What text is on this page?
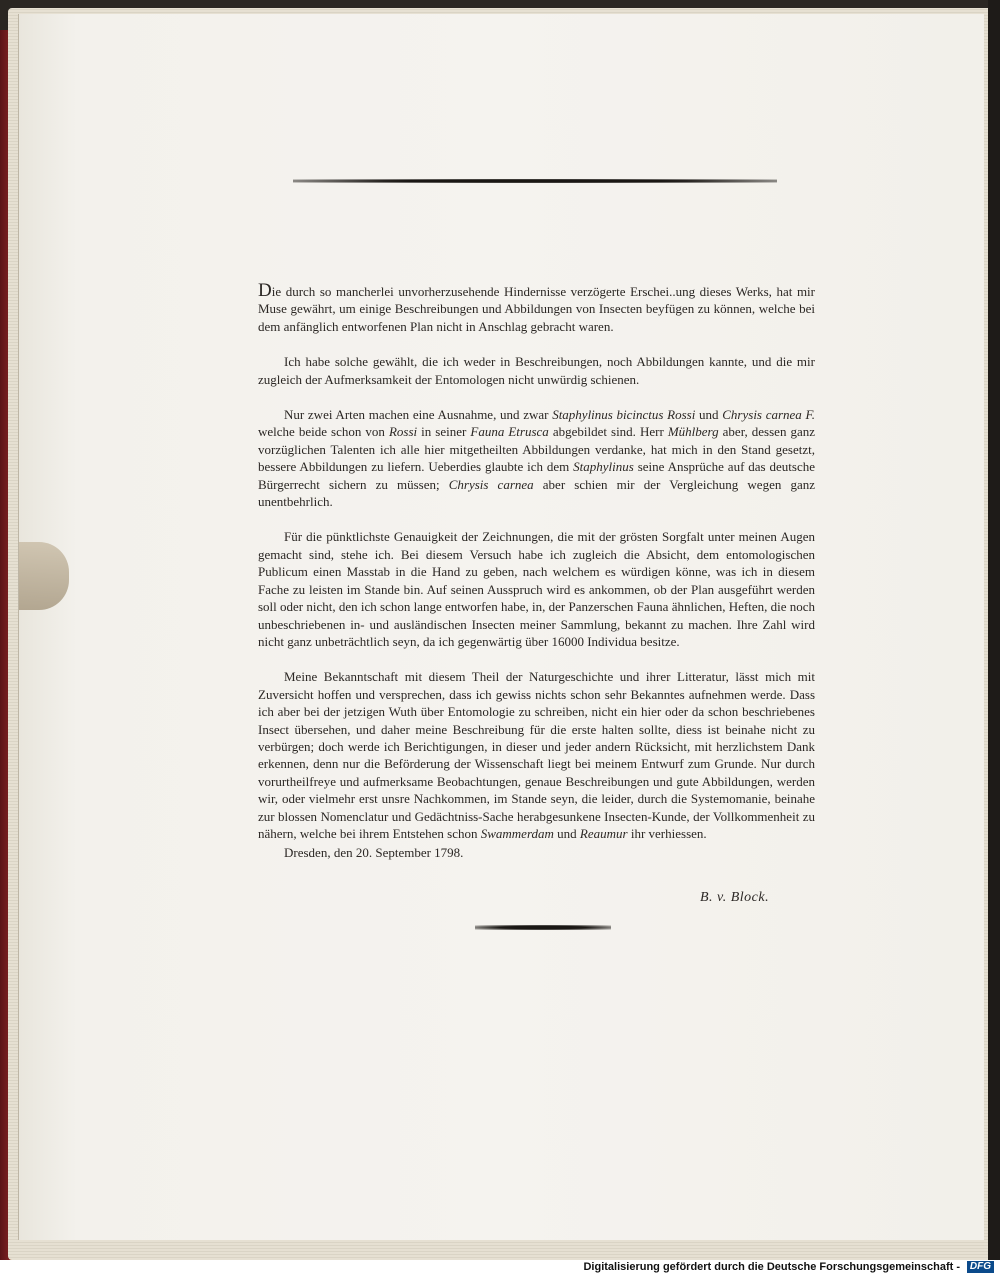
Die durch so mancherlei unvorherzusehende Hindernisse verzögerte Erschei..ung dieses Werks, hat mir Muse gewährt, um einige Beschreibungen und Abbildungen von Insecten beyfügen zu können, welche bei dem anfänglich entworfenen Plan nicht in Anschlag gebracht waren.

Ich habe solche gewählt, die ich weder in Beschreibungen, noch Abbildungen kannte, und die mir zugleich der Aufmerksamkeit der Entomologen nicht unwürdig schienen.

Nur zwei Arten machen eine Ausnahme, und zwar Staphylinus bicinctus Rossi und Chrysis carnea F. welche beide schon von Rossi in seiner Fauna Etrusca abgebildet sind. Herr Mühlberg aber, dessen ganz vorzüglichen Talenten ich alle hier mitgetheilten Abbildungen verdanke, hat mich in den Stand gesetzt, bessere Abbildungen zu liefern. Ueberdies glaubte ich dem Staphylinus seine Ansprüche auf das deutsche Bürgerrecht sichern zu müssen; Chrysis carnea aber schien mir der Vergleichung wegen ganz unentbehrlich.

Für die pünktlichste Genauigkeit der Zeichnungen, die mit der grösten Sorgfalt unter meinen Augen gemacht sind, stehe ich. Bei diesem Versuch habe ich zugleich die Absicht, dem entomologischen Publicum einen Masstab in die Hand zu geben, nach welchem es würdigen könne, was ich in diesem Fache zu leisten im Stande bin. Auf seinen Ausspruch wird es ankommen, ob der Plan ausgeführt werden soll oder nicht, den ich schon lange entworfen habe, in, der Panzerschen Fauna ähnlichen, Heften, die noch unbeschriebenen in- und ausländischen Insecten meiner Sammlung, bekannt zu machen. Ihre Zahl wird nicht ganz unbeträchtlich seyn, da ich gegenwärtig über 16000 Individua besitze.

Meine Bekanntschaft mit diesem Theil der Naturgeschichte und ihrer Litteratur, lässt mich mit Zuversicht hoffen und versprechen, dass ich gewiss nichts schon sehr Bekanntes aufnehmen werde. Dass ich aber bei der jetzigen Wuth über Entomologie zu schreiben, nicht ein hier oder da schon beschriebenes Insect übersehen, und daher meine Beschreibung für die erste halten sollte, diess ist beinahe nicht zu verbürgen; doch werde ich Berichtigungen, in dieser und jeder andern Rücksicht, mit herzlichstem Dank erkennen, denn nur die Beförderung der Wissenschaft liegt bei meinem Entwurf zum Grunde. Nur durch vorurtheilfreye und aufmerksame Beobachtungen, genaue Beschreibungen und gute Abbildungen, werden wir, oder vielmehr erst unsre Nachkommen, im Stande seyn, die leider, durch die Systemomanie, beinahe zur blossen Nomenclatur und Gedächtniss-Sache herabgesunkene Insecten-Kunde, der Vollkommenheit zu nähern, welche bei ihrem Entstehen schon Swammerdam und Reaumur ihr verhiessen.

Dresden, den 20. September 1798.

B. v. Block.
Digitalisierung gefördert durch die Deutsche Forschungsgemeinschaft - DFG
